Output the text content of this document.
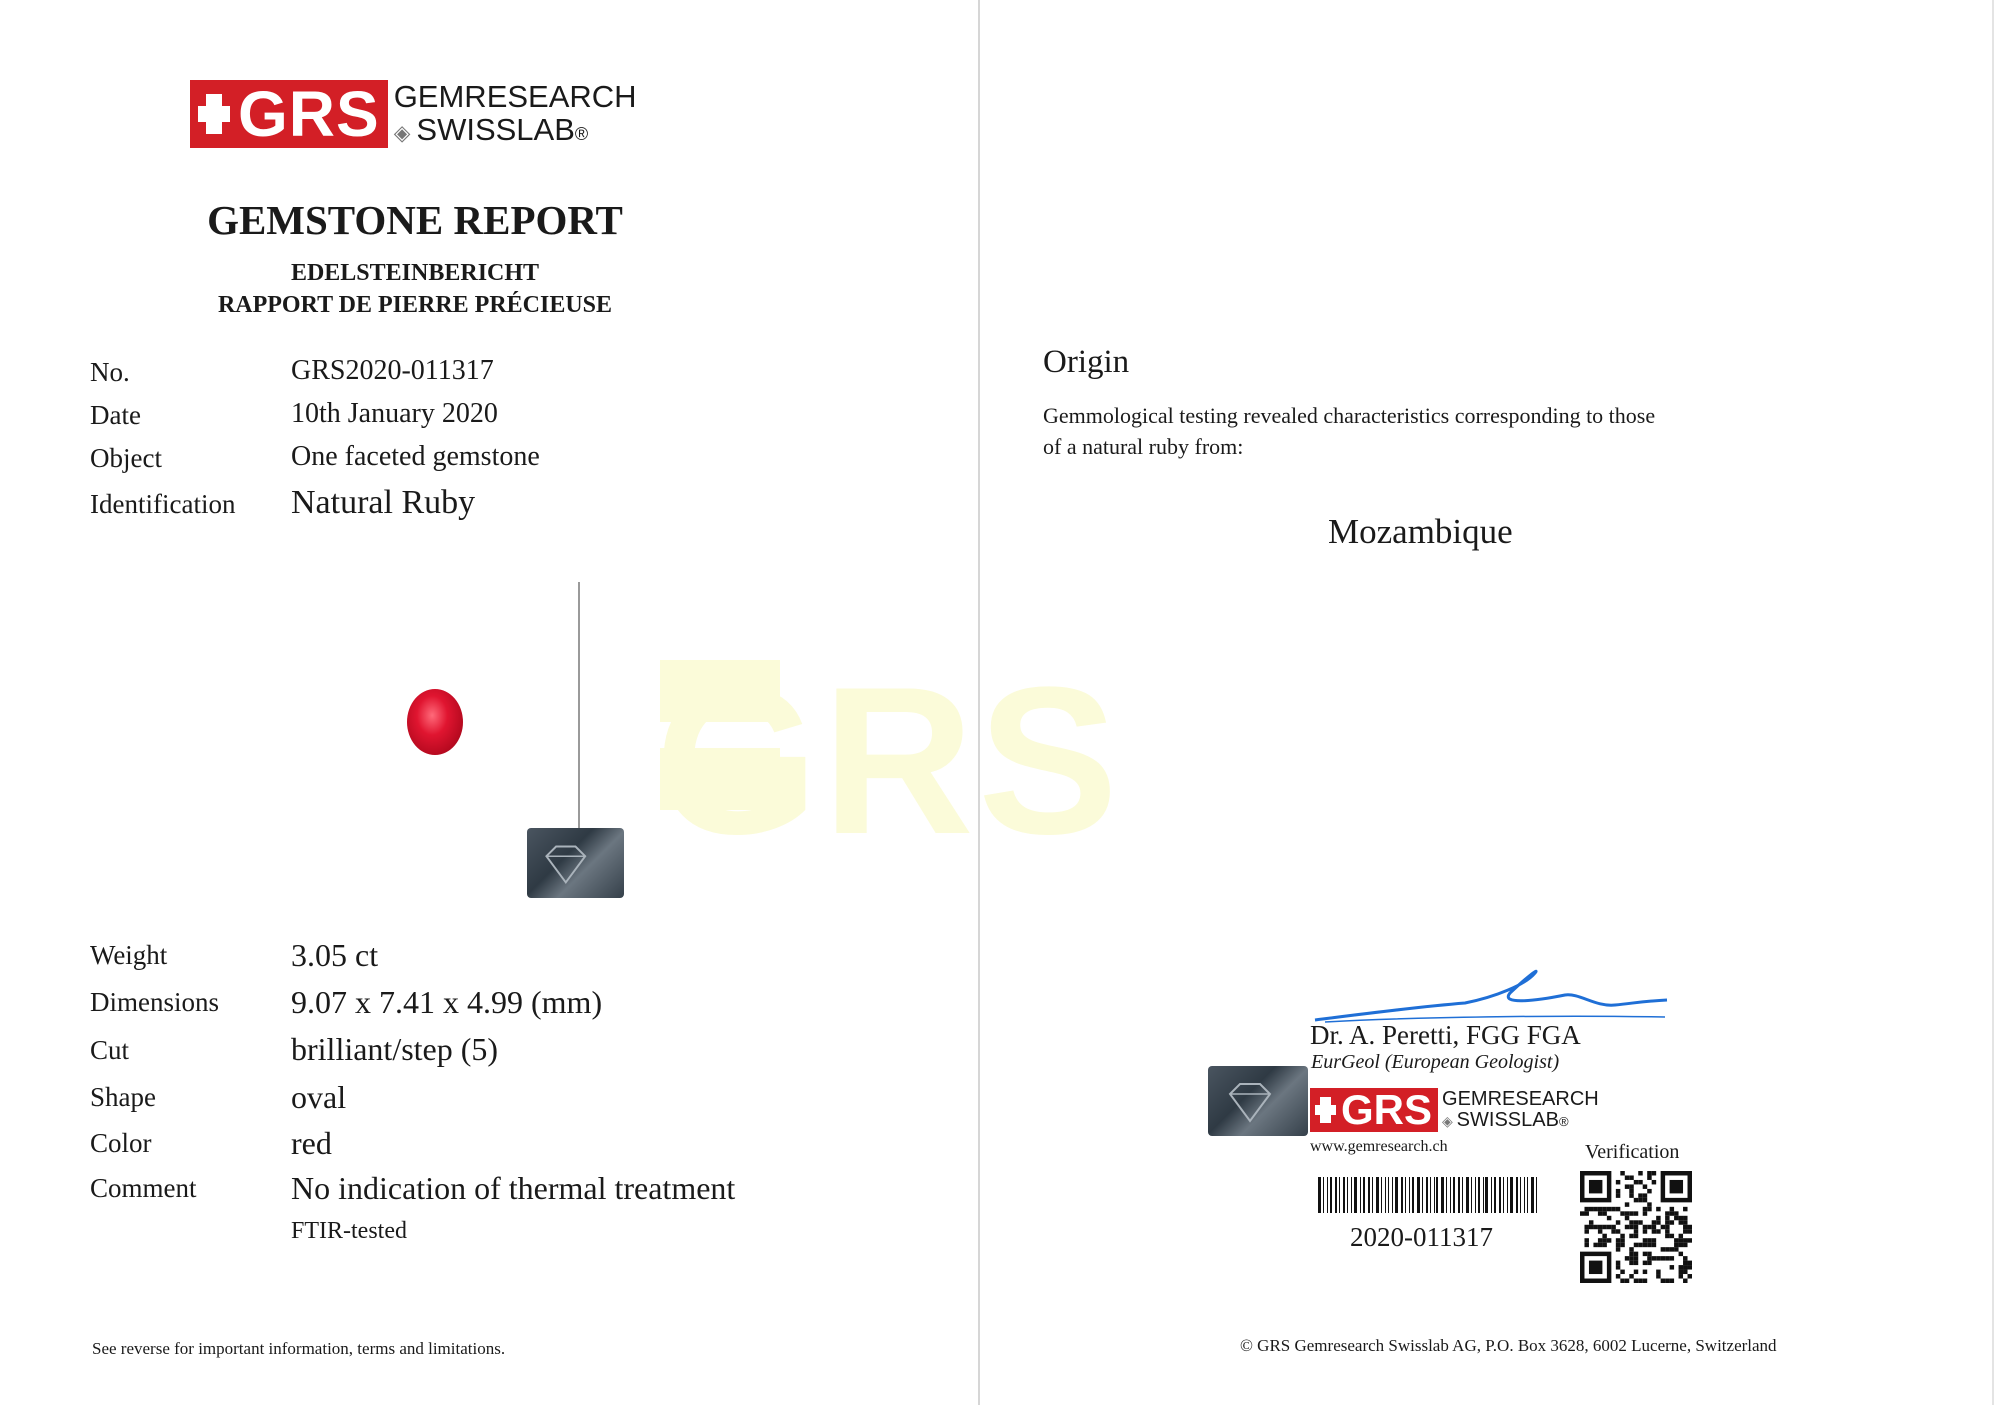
GRS
GRS GEMRESEARCH
◈ SWISSLAB®
GEMSTONE REPORT
EDELSTEINBERICHT
RAPPORT DE PIERRE PRÉCIEUSE
No.	GRS2020-011317
Date	10th January 2020
Object	One faceted gemstone
Identification Natural Ruby
Weight	3.05 ct
Dimensions 9.07 x 7.41 x 4.99 (mm)
Cut	brilliant/step (5)
Shape	oval
Color	red
Comment	No indication of thermal treatment
FTIR-tested
See reverse for important information, terms and limitations.
Origin
Gemmological testing revealed characteristics corresponding to those
of a natural ruby from:
Mozambique
Dr. A. Peretti, FGG FGA
EurGeol (European Geologist)
GRS GEMRESEARCH
◈ SWISSLAB®
www.gemresearch.ch	Verification
2020-011317
© GRS Gemresearch Swisslab AG, P.O. Box 3628, 6002 Lucerne, Switzerland
